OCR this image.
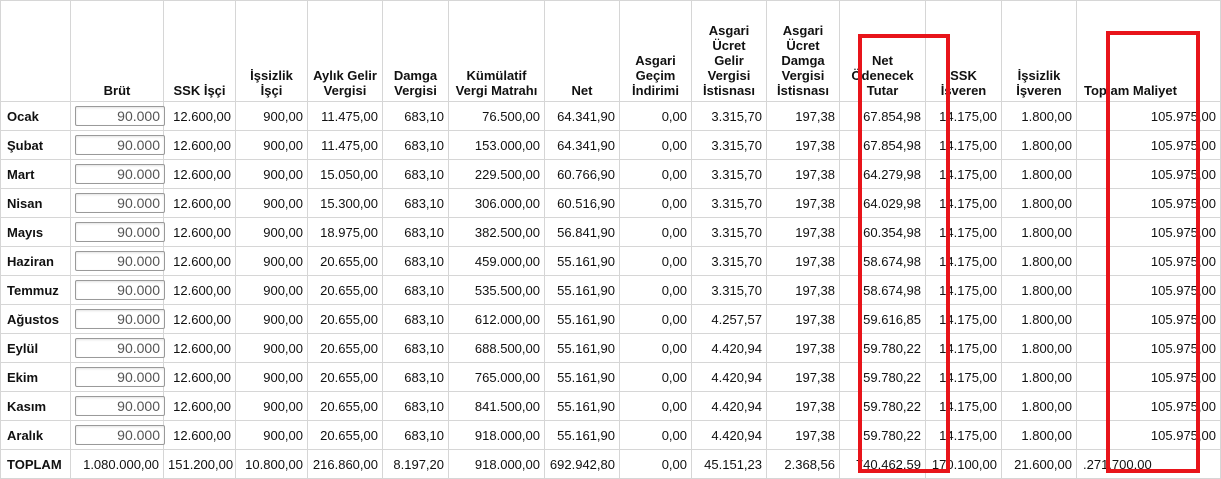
	Brüt	SSK İşçi	İşsizlik İşçi	Aylık Gelir Vergisi	Damga Vergisi	Kümülatif Vergi Matrahı	Net	Asgari Geçim İndirimi	Asgari Ücret Gelir Vergisi İstisnası	Asgari Ücret Damga Vergisi İstisnası	Net Ödenecek Tutar	SSK İşveren	İşsizlik İşveren	Toplam Maliyet
Ocak	90.000	12.600,00	900,00	11.475,00	683,10	76.500,00	64.341,90	0,00	3.315,70	197,38	67.854,98	14.175,00	1.800,00	105.975,00
Şubat	90.000	12.600,00	900,00	11.475,00	683,10	153.000,00	64.341,90	0,00	3.315,70	197,38	67.854,98	14.175,00	1.800,00	105.975,00
Mart	90.000	12.600,00	900,00	15.050,00	683,10	229.500,00	60.766,90	0,00	3.315,70	197,38	64.279,98	14.175,00	1.800,00	105.975,00
Nisan	90.000	12.600,00	900,00	15.300,00	683,10	306.000,00	60.516,90	0,00	3.315,70	197,38	64.029,98	14.175,00	1.800,00	105.975,00
Mayıs	90.000	12.600,00	900,00	18.975,00	683,10	382.500,00	56.841,90	0,00	3.315,70	197,38	60.354,98	14.175,00	1.800,00	105.975,00
Haziran	90.000	12.600,00	900,00	20.655,00	683,10	459.000,00	55.161,90	0,00	3.315,70	197,38	58.674,98	14.175,00	1.800,00	105.975,00
Temmuz	90.000	12.600,00	900,00	20.655,00	683,10	535.500,00	55.161,90	0,00	3.315,70	197,38	58.674,98	14.175,00	1.800,00	105.975,00
Ağustos	90.000	12.600,00	900,00	20.655,00	683,10	612.000,00	55.161,90	0,00	4.257,57	197,38	59.616,85	14.175,00	1.800,00	105.975,00
Eylül	90.000	12.600,00	900,00	20.655,00	683,10	688.500,00	55.161,90	0,00	4.420,94	197,38	59.780,22	14.175,00	1.800,00	105.975,00
Ekim	90.000	12.600,00	900,00	20.655,00	683,10	765.000,00	55.161,90	0,00	4.420,94	197,38	59.780,22	14.175,00	1.800,00	105.975,00
Kasım	90.000	12.600,00	900,00	20.655,00	683,10	841.500,00	55.161,90	0,00	4.420,94	197,38	59.780,22	14.175,00	1.800,00	105.975,00
Aralık	90.000	12.600,00	900,00	20.655,00	683,10	918.000,00	55.161,90	0,00	4.420,94	197,38	59.780,22	14.175,00	1.800,00	105.975,00
TOPLAM	1.080.000,00	151.200,00	10.800,00	216.860,00	8.197,20	918.000,00	692.942,80	0,00	45.151,23	2.368,56	740.462,59	170.100,00	21.600,00	.271.700,00
